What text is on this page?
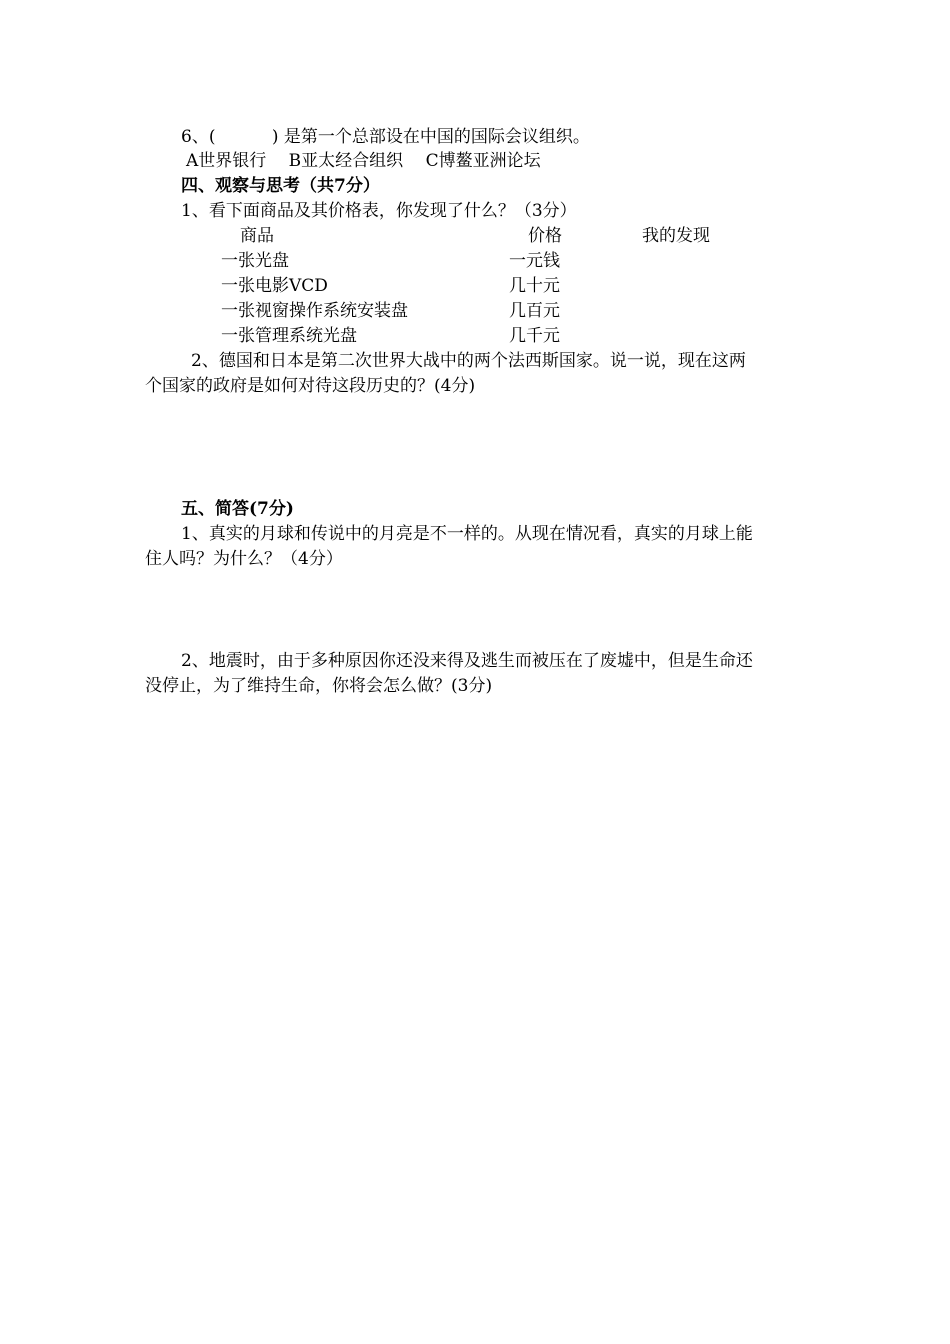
6、(　　　 ) 是第一个总部设在中国的国际会议组织。
A世界银行　 B亚太经合组织　 C博鳌亚洲论坛
四、观察与思考（共7分）
1、看下面商品及其价格表，你发现了什么？（3分）
商品	价格	我的发现
一张光盘	一元钱
一张电影VCD	几十元
一张视窗操作系统安装盘	几百元
一张管理系统光盘	几千元
2、德国和日本是第二次世界大战中的两个法西斯国家。说一说，现在这两
个国家的政府是如何对待这段历史的？(4分)
五、简答(7分)
1、真实的月球和传说中的月亮是不一样的。从现在情况看，真实的月球上能
住人吗？为什么？（4分）
2、地震时，由于多种原因你还没来得及逃生而被压在了废墟中，但是生命还
没停止，为了维持生命，你将会怎么做？(3分)
